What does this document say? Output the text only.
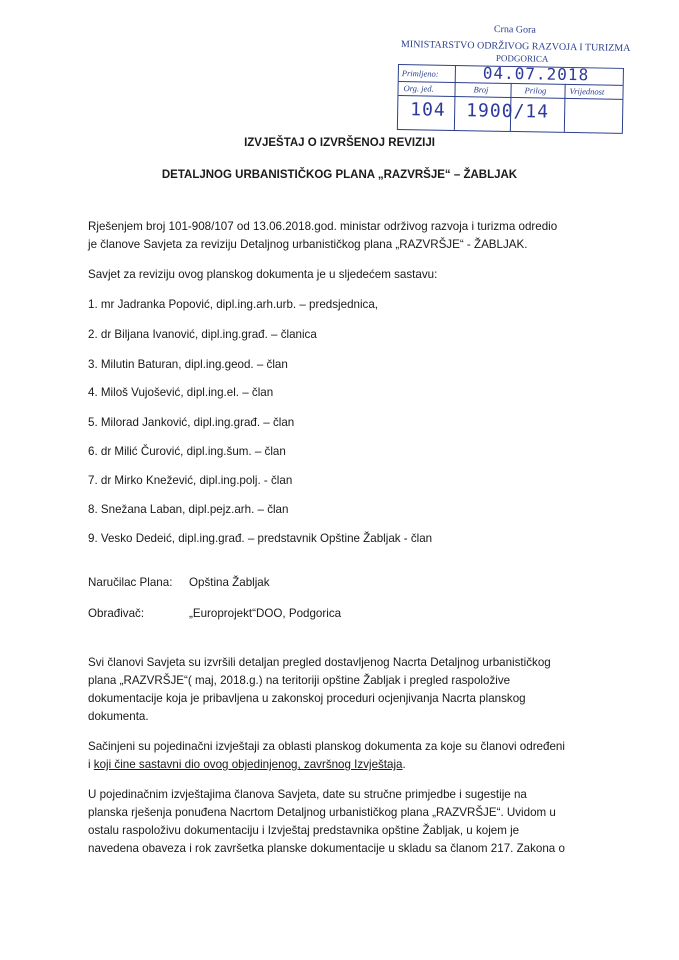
Crna Gora
MINISTARSTVO ODRŽIVOG RAZVOJA I TURIZMA
PODGORICA
Primljeno:
Org. jed.	Broj	Prilog	Vrijednost
04.07.2018
104 1900/14
IZVJEŠTAJ O IZVRŠENOJ REVIZIJI
DETALJNOG URBANISTIČKOG PLANA „RAZVRŠJE“ – ŽABLJAK
Rješenjem broj 101-908/107 od 13.06.2018.god. ministar održivog razvoja i turizma odredio
je članove Savjeta za reviziju Detaljnog urbanističkog plana „RAZVRŠJE“ - ŽABLJAK.
Savjet za reviziju ovog planskog dokumenta je u sljedećem sastavu:
1. mr Jadranka Popović, dipl.ing.arh.urb. – predsjednica,
2. dr Biljana Ivanović, dipl.ing.građ. – članica
3. Milutin Baturan, dipl.ing.geod. – član
4. Miloš Vujošević, dipl.ing.el. – član
5. Milorad Janković, dipl.ing.građ. – član
6. dr Milić Čurović, dipl.ing.šum. – član
7. dr Mirko Knežević, dipl.ing.polj. - član
8. Snežana Laban, dipl.pejz.arh. – član
9. Vesko Dedeić, dipl.ing.građ. – predstavnik Opštine Žabljak - član
Naručilac Plana: Opština Žabljak
Obrađivač:	„Europrojekt“DOO, Podgorica
Svi članovi Savjeta su izvršili detaljan pregled dostavljenog Nacrta Detaljnog urbanističkog
plana „RAZVRŠJE“( maj, 2018.g.) na teritoriji opštine Žabljak i pregled raspoložive
dokumentacije koja je pribavljena u zakonskoj proceduri ocjenjivanja Nacrta planskog
dokumenta.
Sačinjeni su pojedinačni izvještaji za oblasti planskog dokumenta za koje su članovi određeni
i koji čine sastavni dio ovog objedinjenog, završnog Izvještaja.
U pojedinačnim izvještajima članova Savjeta, date su stručne primjedbe i sugestije na
planska rješenja ponuđena Nacrtom Detaljnog urbanističkog plana „RAZVRŠJE“. Uvidom u
ostalu raspoloživu dokumentaciju i Izvještaj predstavnika opštine Žabljak, u kojem je
navedena obaveza i rok završetka planske dokumentacije u skladu sa članom 217. Zakona o
